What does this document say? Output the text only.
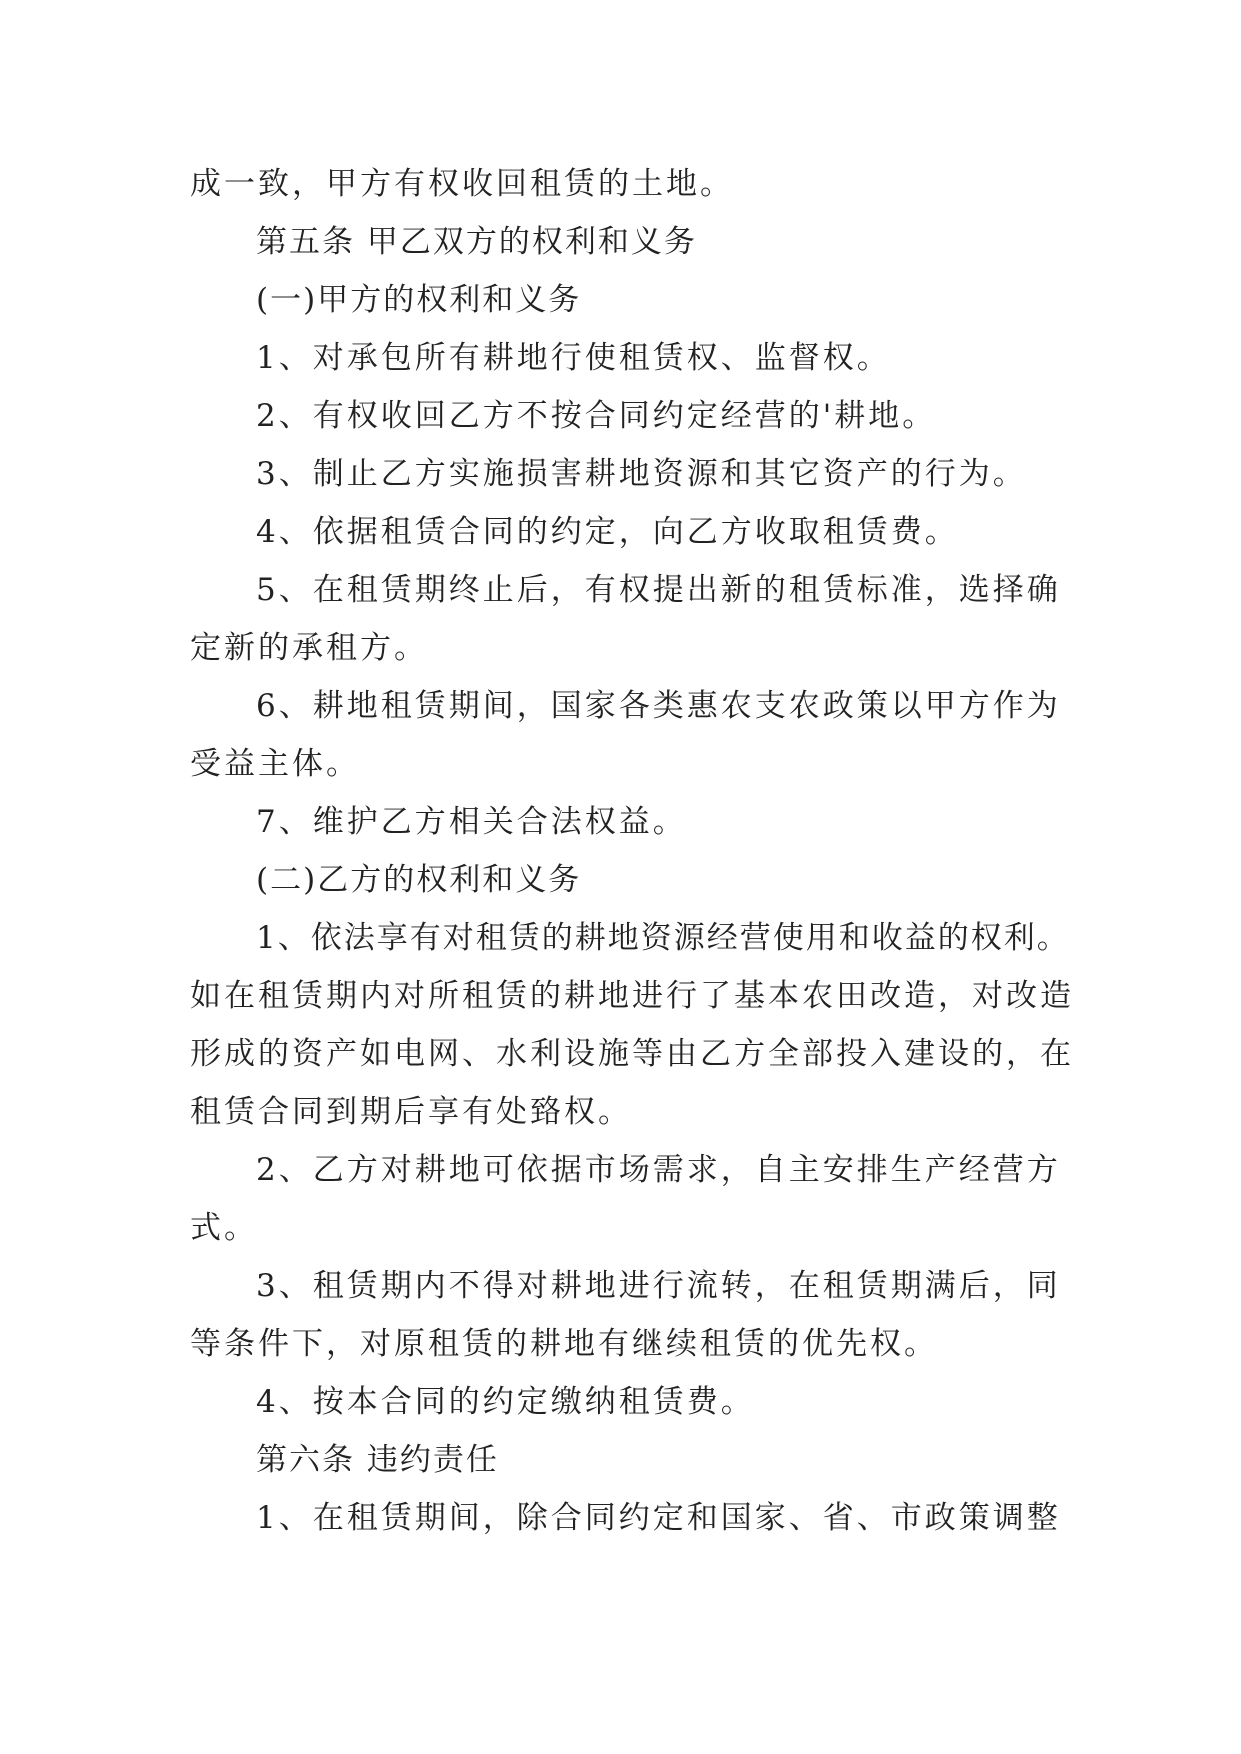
成一致，甲方有权收回租赁的土地。
第五条 甲乙双方的权利和义务
(一)甲方的权利和义务
1、对承包所有耕地行使租赁权、监督权。
2、有权收回乙方不按合同约定经营的'耕地。
3、制止乙方实施损害耕地资源和其它资产的行为。
4、依据租赁合同的约定，向乙方收取租赁费。
5、在租赁期终止后，有权提出新的租赁标准，选择确
定新的承租方。
6、耕地租赁期间，国家各类惠农支农政策以甲方作为
受益主体。
7、维护乙方相关合法权益。
(二)乙方的权利和义务
1、依法享有对租赁的耕地资源经营使用和收益的权利。
如在租赁期内对所租赁的耕地进行了基本农田改造，对改造
形成的资产如电网、水利设施等由乙方全部投入建设的，在
租赁合同到期后享有处臵权。
2、乙方对耕地可依据市场需求，自主安排生产经营方
式。
3、租赁期内不得对耕地进行流转，在租赁期满后，同
等条件下，对原租赁的耕地有继续租赁的优先权。
4、按本合同的约定缴纳租赁费。
第六条 违约责任
1、在租赁期间，除合同约定和国家、省、市政策调整
